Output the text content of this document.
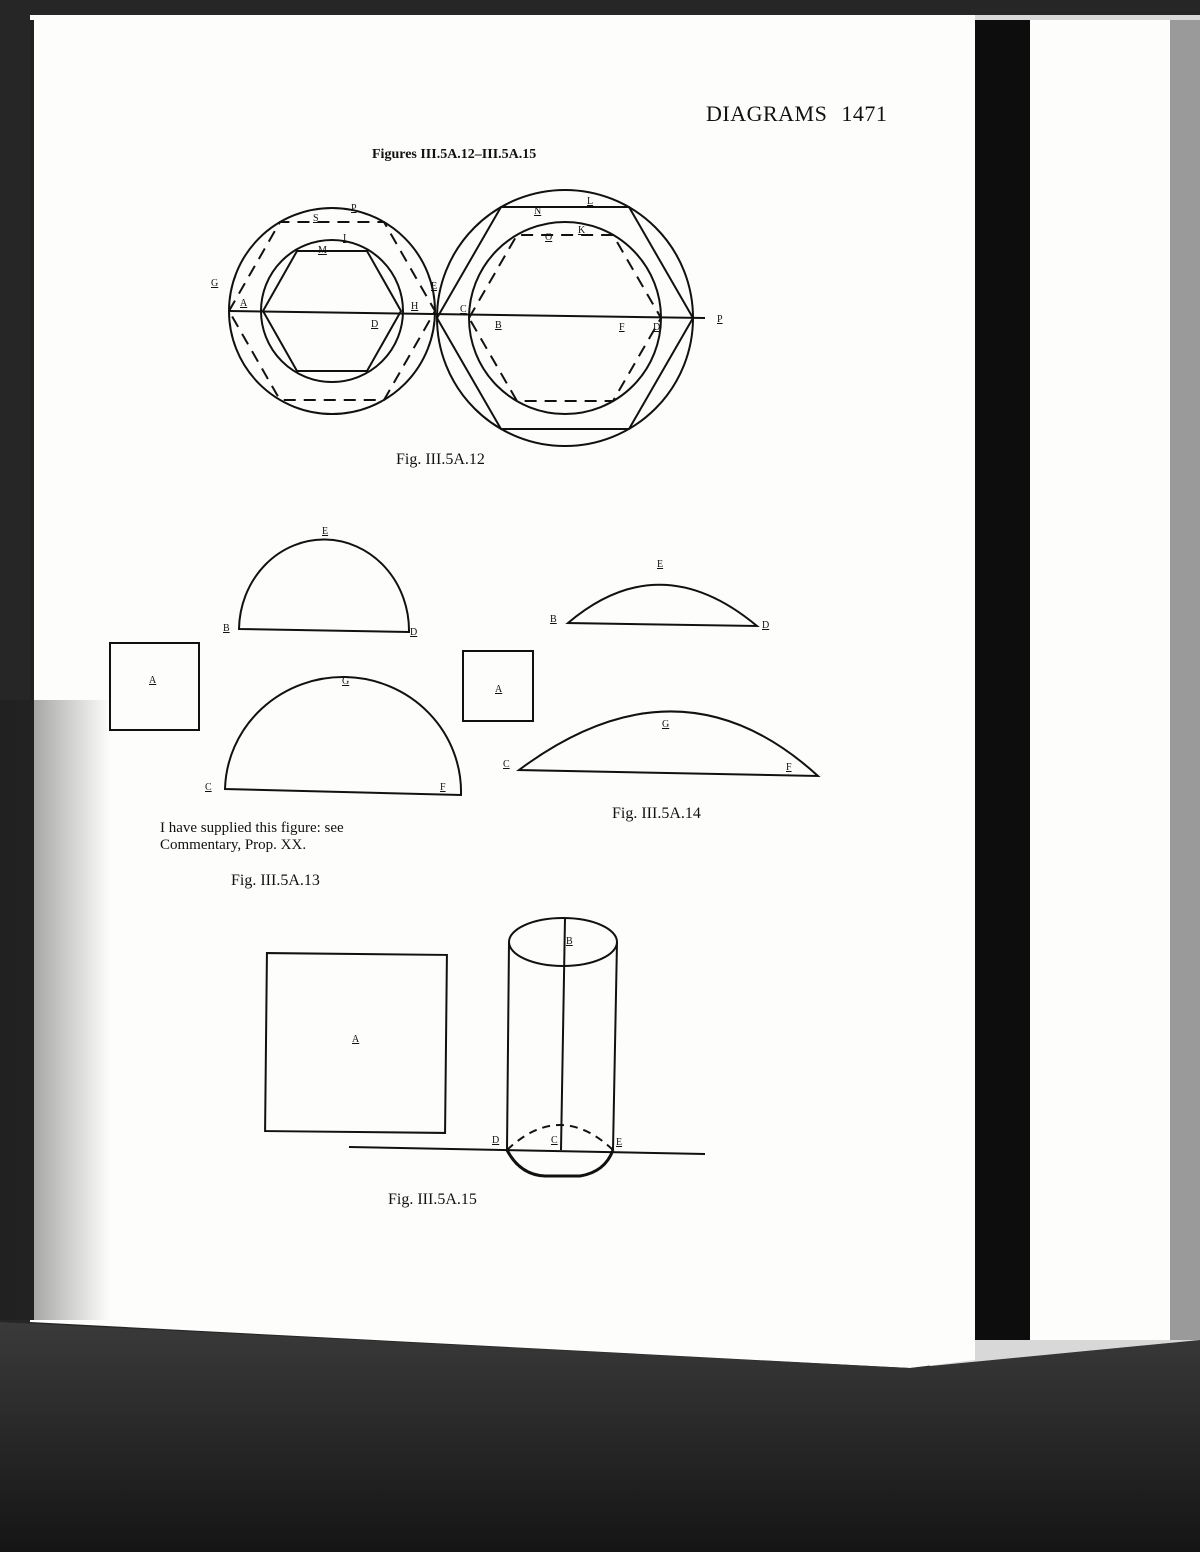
G
A
S
P
M
I
D
H
E
C
N
L
O
K
B	F	D
P
E
B	D
A	G
C	F
E
B
D
A
G
C	F
B
A
D	C	E
DIAGRAMS 1471
Figures III.5A.12–III.5A.15
Fig. III.5A.12
Fig. III.5A.14
I have supplied this figure: see
Commentary, Prop. XX.
Fig. III.5A.13
Fig. III.5A.15
